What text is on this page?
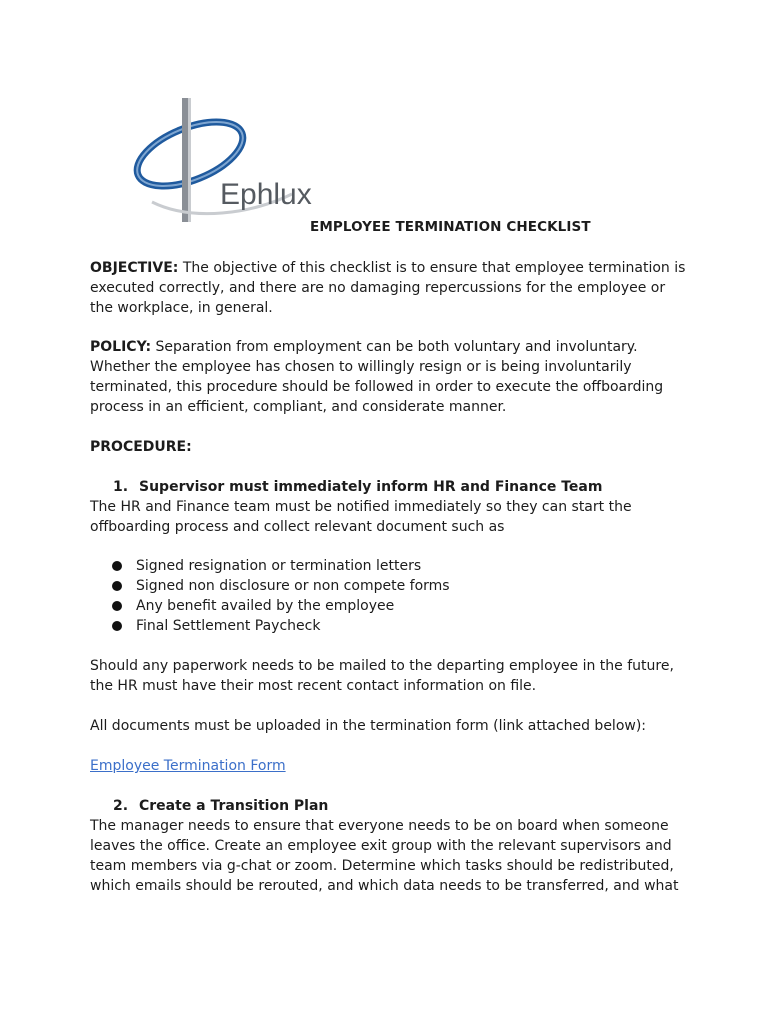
Ephlux
EMPLOYEE TERMINATION CHECKLIST

OBJECTIVE: The objective of this checklist is to ensure that employee termination is executed correctly, and there are no damaging repercussions for the employee or the workplace, in general.

POLICY: Separation from employment can be both voluntary and involuntary. Whether the employee has chosen to willingly resign or is being involuntarily terminated, this procedure should be followed in order to execute the offboarding process in an efficient, compliant, and considerate manner.

PROCEDURE:
1. Supervisor must immediately inform HR and Finance Team
The HR and Finance team must be notified immediately so they can start the offboarding process and collect relevant document such as
Signed resignation or termination letters
Signed non disclosure or non compete forms
Any benefit availed by the employee
Final Settlement Paycheck
Should any paperwork needs to be mailed to the departing employee in the future, the HR must have their most recent contact information on file.
All documents must be uploaded in the termination form (link attached below):
Employee Termination Form
2. Create a Transition Plan
The manager needs to ensure that everyone needs to be on board when someone leaves the office. Create an employee exit group with the relevant supervisors and team members via g-chat or zoom. Determine which tasks should be redistributed, which emails should be rerouted, and which data needs to be transferred, and what
